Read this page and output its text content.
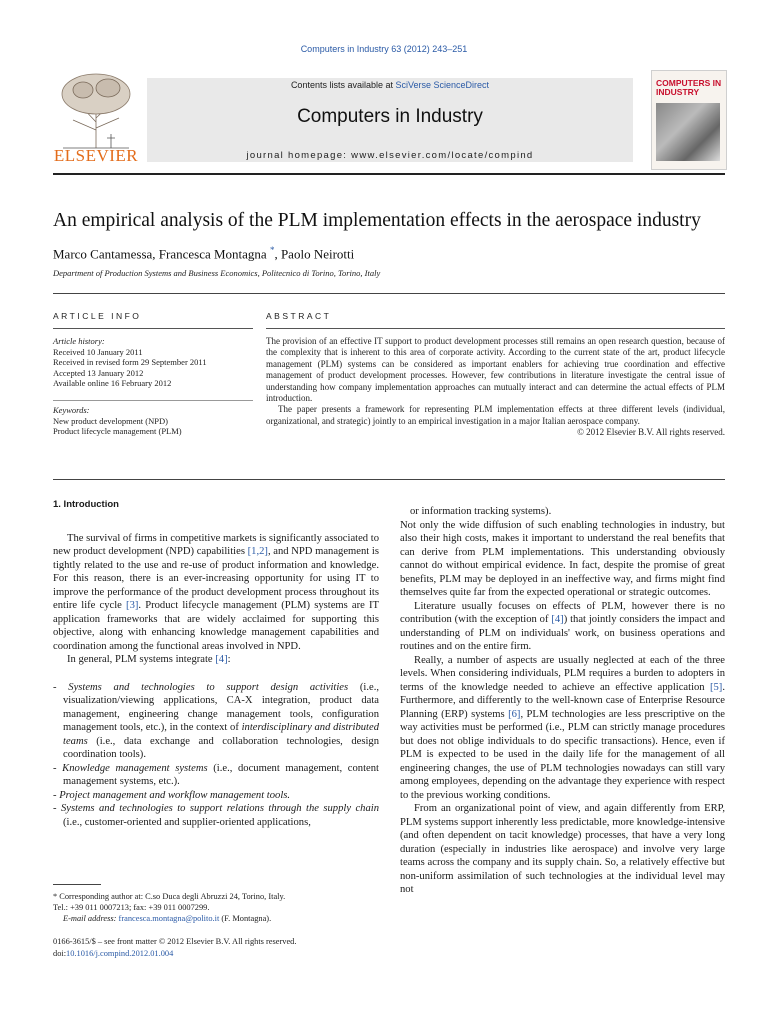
Computers in Industry 63 (2012) 243–251
ELSEVIER
Contents lists available at SciVerse ScienceDirect
Computers in Industry
journal homepage: www.elsevier.com/locate/compind
COMPUTERS IN
INDUSTRY
An empirical analysis of the PLM implementation effects in the aerospace industry
Marco Cantamessa, Francesca Montagna *, Paolo Neirotti
Department of Production Systems and Business Economics, Politecnico di Torino, Torino, Italy
ARTICLE INFO	ABSTRACT
Article history:
Received 10 January 2011
Received in revised form 29 September 2011
Accepted 13 January 2012
Available online 16 February 2012
Keywords:
New product development (NPD)
Product lifecycle management (PLM)

The provision of an effective IT support to product development processes still remains an open research question, because of the complexity that is inherent to this area of corporate activity. According to the current state of the art, product lifecycle management (PLM) systems can be considered as important enablers for achieving true coordination and effective management of product development processes. However, few contributions in literature investigate the central issue of understanding how company implementation approaches can mutually interact and can determine the actual effects of PLM introduction.

The paper presents a framework for representing PLM implementation effects at three different levels (individual, organizational, and strategic) jointly to an empirical investigation in a major Italian aerospace company.

© 2012 Elsevier B.V. All rights reserved.

1. Introduction

The survival of firms in competitive markets is significantly associated to new product development (NPD) capabilities [1,2], and NPD management is tightly related to the use and re-use of product information and knowledge. For this reason, there is an ever-increasing opportunity for using IT to improve the performance of the product development process throughout its entire life cycle [3]. Product lifecycle management (PLM) systems are IT application frameworks that are widely acclaimed for supporting this objective, along with enhancing knowledge management capabilities and coordination among the functional areas involved in NPD.

In general, PLM systems integrate [4]:

- Systems and technologies to support design activities (i.e., visualization/viewing applications, CA-X integration, product data management, engineering change management tools, configuration management tools, etc.), in the context of interdisciplinary and distributed teams (i.e., data exchange and collaboration technologies, design coordination tools).

- Knowledge management systems (i.e., document management, content management systems, etc.).

- Project management and workflow management tools.

- Systems and technologies to support relations through the supply chain (i.e., customer-oriented and supplier-oriented applications,

or information tracking systems).

Not only the wide diffusion of such enabling technologies in industry, but also their high costs, makes it important to understand the real benefits that can derive from PLM implementations. This understanding obviously cannot do without empirical evidence. In fact, despite the promise of great benefits, PLM may be deployed in an ineffective way, and firms might find themselves quite far from the expected operational or strategic outcomes.

Literature usually focuses on effects of PLM, however there is no contribution (with the exception of [4]) that jointly considers the impact and understanding of PLM on individuals' work, on business operations and routines and on the entire firm.

Really, a number of aspects are usually neglected at each of the three levels. When considering individuals, PLM requires a burden to adopters in terms of the knowledge needed to achieve an effective application [5]. Furthermore, and differently to the well-known case of Enterprise Resource Planning (ERP) systems [6], PLM technologies are less prescriptive on the way activities must be performed (i.e., PLM can strictly manage procedures but does not oblige individuals to do specific transactions). Hence, even if PLM is expected to be used in the daily life for the management of all engineering changes, the use of PLM technologies nowadays can still vary among employees, depending on the advantage they experience with respect to the previous working conditions.

From an organizational point of view, and again differently from ERP, PLM systems support inherently less predictable, more knowledge-intensive (and often dependent on tacit knowledge) processes, that have a very long duration (especially in industries like aerospace) and involve very large teams across the company and its supply chain. So, a relatively effective but non-uniform assimilation of such technologies at the individual level may not

* Corresponding author at: C.so Duca degli Abruzzi 24, Torino, Italy.

Tel.: +39 011 0007213; fax: +39 011 0007299.

E-mail address: francesca.montagna@polito.it (F. Montagna).

0166-3615/$ – see front matter © 2012 Elsevier B.V. All rights reserved.

doi:10.1016/j.compind.2012.01.004
